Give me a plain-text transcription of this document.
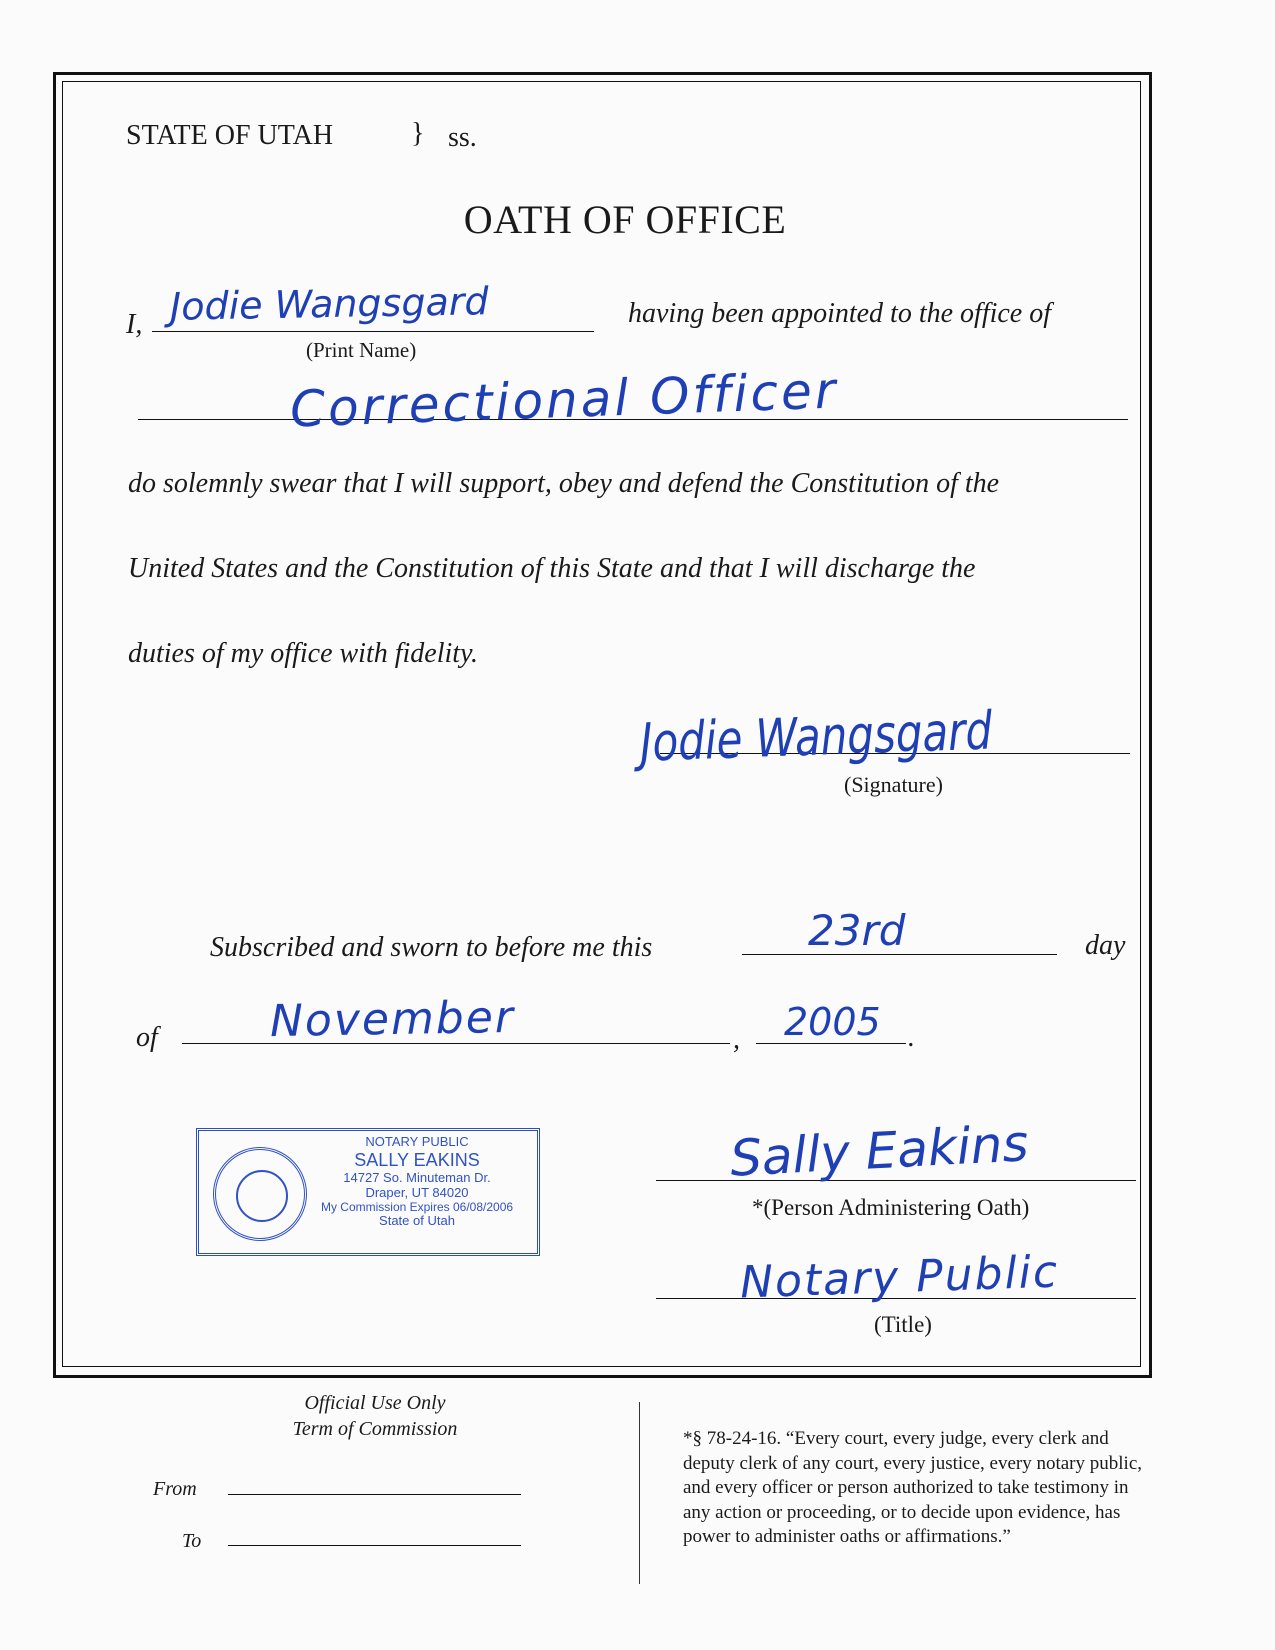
STATE OF UTAH	} ss.
OATH OF OFFICE
I, Jodie Wangsgard
(Print Name)
having been appointed to the office of
Correctional Officer
do solemnly swear that I will support, obey and defend the Constitution of the
United States and the Constitution of this State and that I will discharge the
duties of my office with fidelity.
Jodie Wangsgard
(Signature)
Subscribed and sworn to before me this	23rd	day
of	November	, 2005 .
NOTARY PUBLIC
SALLY EAKINS
14727 So. Minuteman Dr.
Draper, UT 84020
My Commission Expires 06/08/2006
State of Utah
Sally Eakins
*(Person Administering Oath)
Notary Public
(Title)
Official Use Only
Term of Commission
From
To
*§ 78-24-16. “Every court, every judge, every clerk and
deputy clerk of any court, every justice, every notary public,
and every officer or person authorized to take testimony in
any action or proceeding, or to decide upon evidence, has
power to administer oaths or affirmations.”
